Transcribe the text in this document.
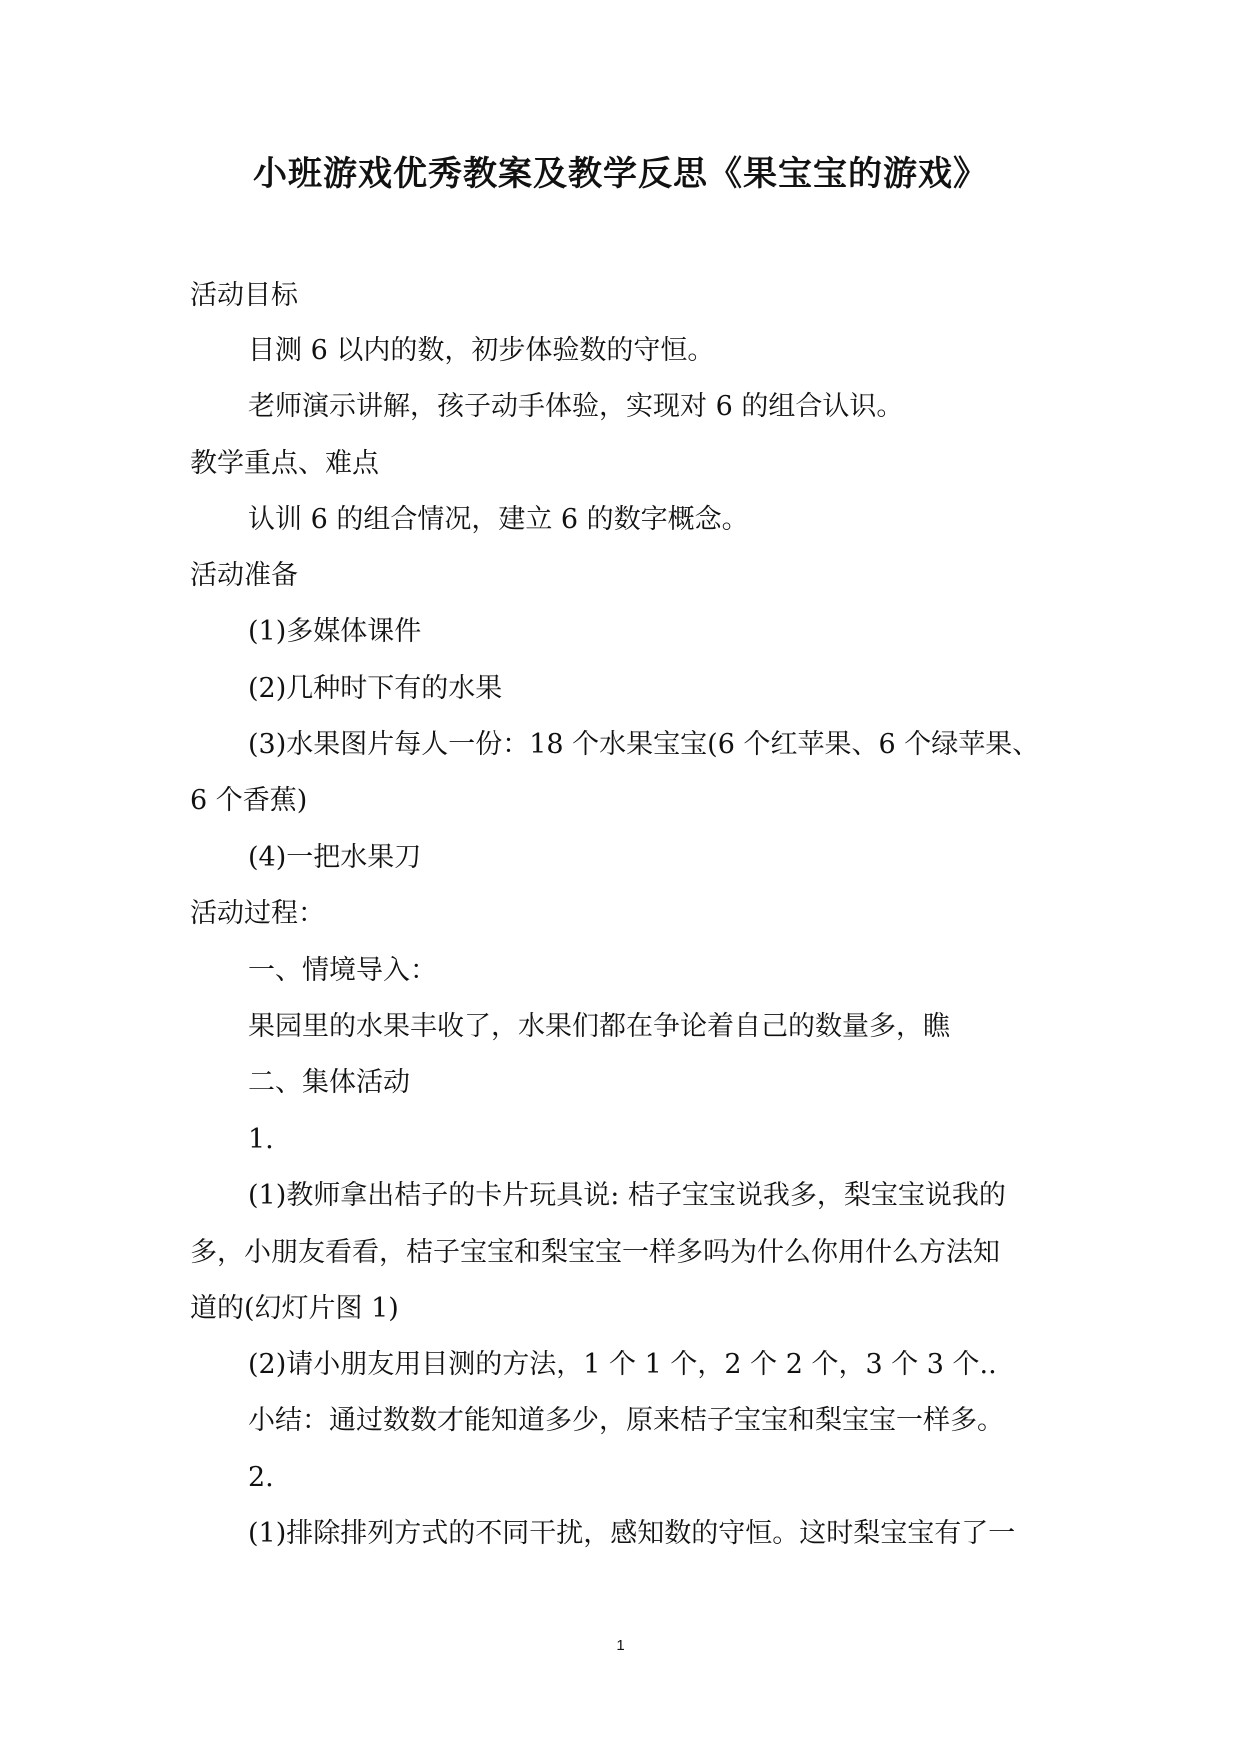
小班游戏优秀教案及教学反思《果宝宝的游戏》
活动目标
目测 6 以内的数，初步体验数的守恒。
老师演示讲解，孩子动手体验，实现对 6 的组合认识。
教学重点、难点
认训 6 的组合情况，建立 6 的数字概念。
活动准备
(1)多媒体课件
(2)几种时下有的水果
(3)水果图片每人一份：18 个水果宝宝(6 个红苹果、6 个绿苹果、
6 个香蕉)
(4)一把水果刀
活动过程：
一、情境导入：
果园里的水果丰收了，水果们都在争论着自己的数量多，瞧
二、集体活动
1.
(1)教师拿出桔子的卡片玩具说: 桔子宝宝说我多，梨宝宝说我的
多，小朋友看看，桔子宝宝和梨宝宝一样多吗为什么你用什么方法知
道的(幻灯片图 1)
(2)请小朋友用目测的方法，1 个 1 个，2 个 2 个，3 个 3 个..
小结：通过数数才能知道多少，原来桔子宝宝和梨宝宝一样多。
2.
(1)排除排列方式的不同干扰，感知数的守恒。这时梨宝宝有了一
1
